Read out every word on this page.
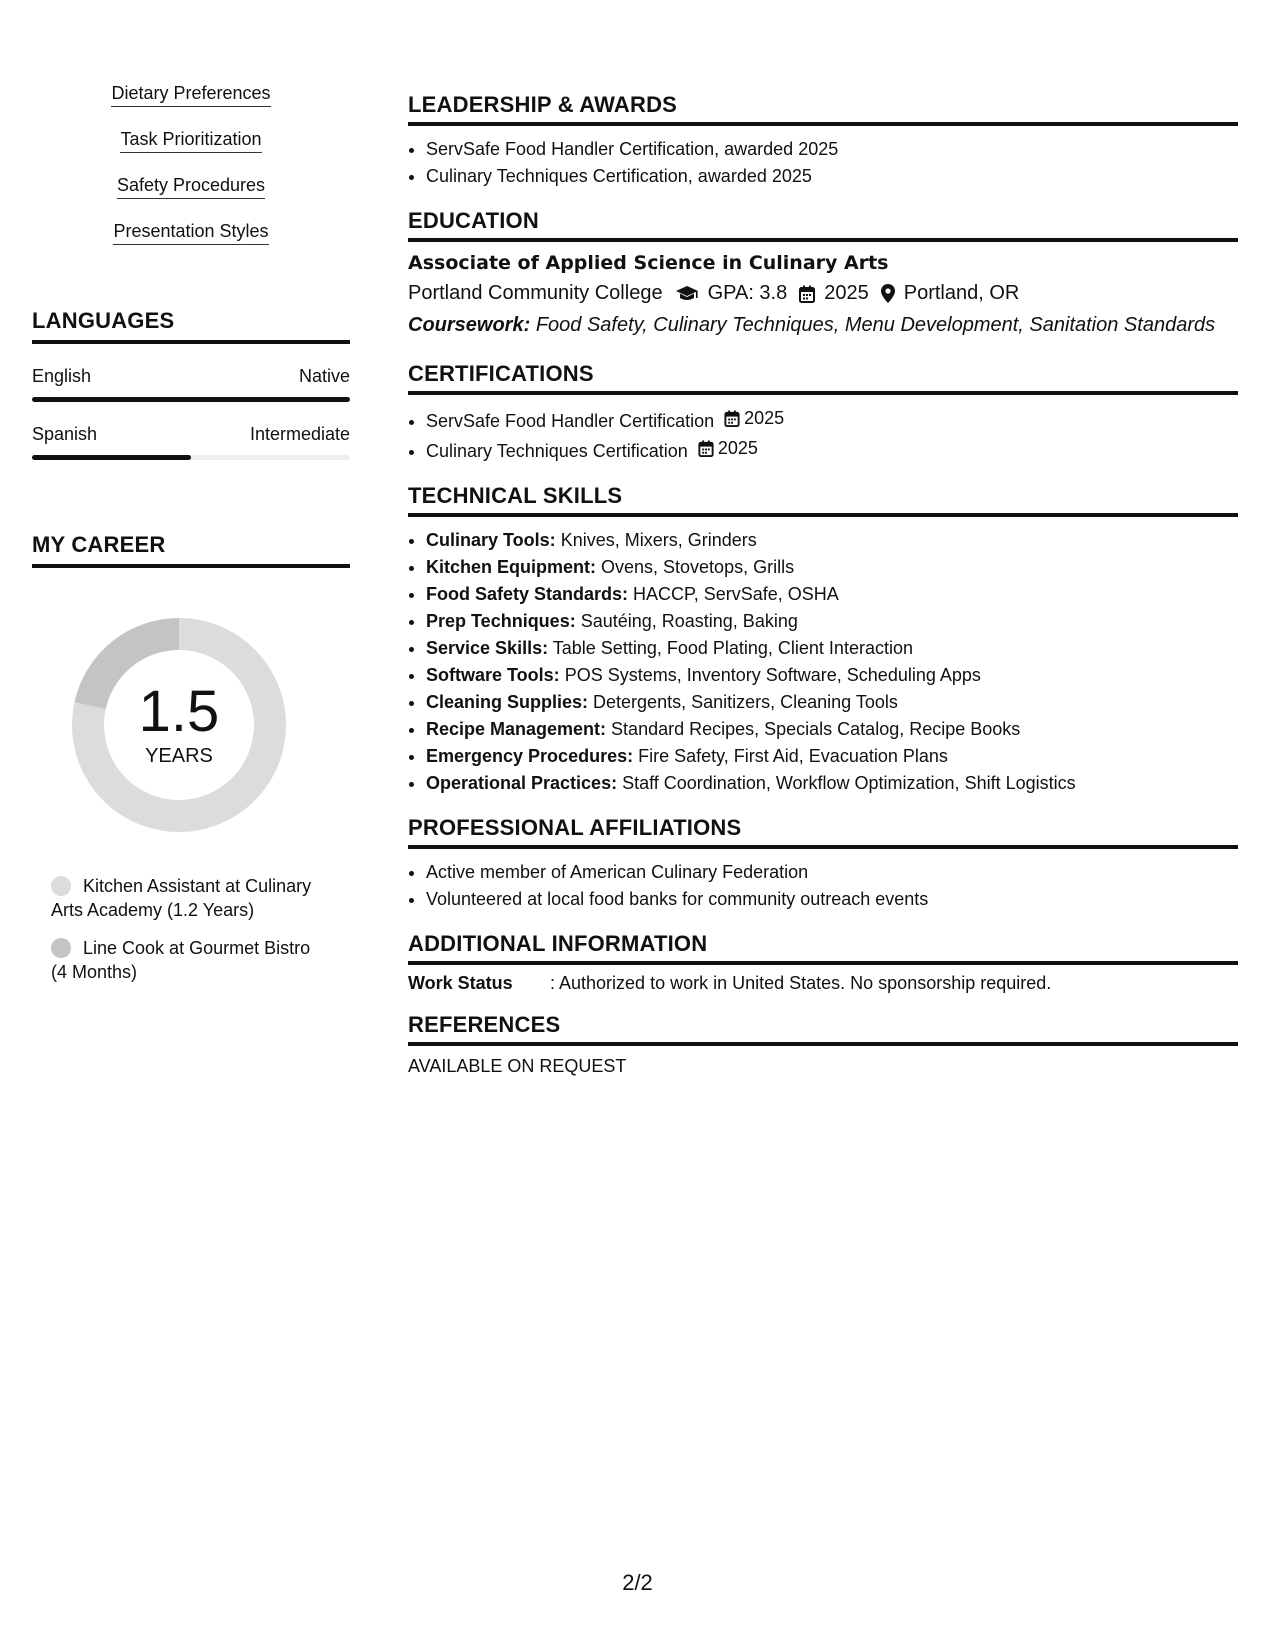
Dietary Preferences
Task Prioritization
Safety Procedures
Presentation Styles
LANGUAGES
English	Native
Spanish	Intermediate
MY CAREER
1.5
YEARS
Kitchen Assistant at Culinary Arts Academy (1.2 Years)
Line Cook at Gourmet Bistro (4 Months)
LEADERSHIP & AWARDS
• ServSafe Food Handler Certification, awarded 2025
• Culinary Techniques Certification, awarded 2025
EDUCATION
Associate of Applied Science in Culinary Arts
Portland Community College GPA: 3.8 2025 Portland, OR
Coursework: Food Safety, Culinary Techniques, Menu Development, Sanitation Standards
CERTIFICATIONS
• ServSafe Food Handler Certification 2025
• Culinary Techniques Certification 2025
TECHNICAL SKILLS
• Culinary Tools: Knives, Mixers, Grinders
• Kitchen Equipment: Ovens, Stovetops, Grills
• Food Safety Standards: HACCP, ServSafe, OSHA
• Prep Techniques: Sautéing, Roasting, Baking
• Service Skills: Table Setting, Food Plating, Client Interaction
• Software Tools: POS Systems, Inventory Software, Scheduling Apps
• Cleaning Supplies: Detergents, Sanitizers, Cleaning Tools
• Recipe Management: Standard Recipes, Specials Catalog, Recipe Books
• Emergency Procedures: Fire Safety, First Aid, Evacuation Plans
• Operational Practices: Staff Coordination, Workflow Optimization, Shift Logistics
PROFESSIONAL AFFILIATIONS
• Active member of American Culinary Federation
• Volunteered at local food banks for community outreach events
ADDITIONAL INFORMATION
Work Status	: Authorized to work in United States. No sponsorship required.
REFERENCES
AVAILABLE ON REQUEST
2/2
